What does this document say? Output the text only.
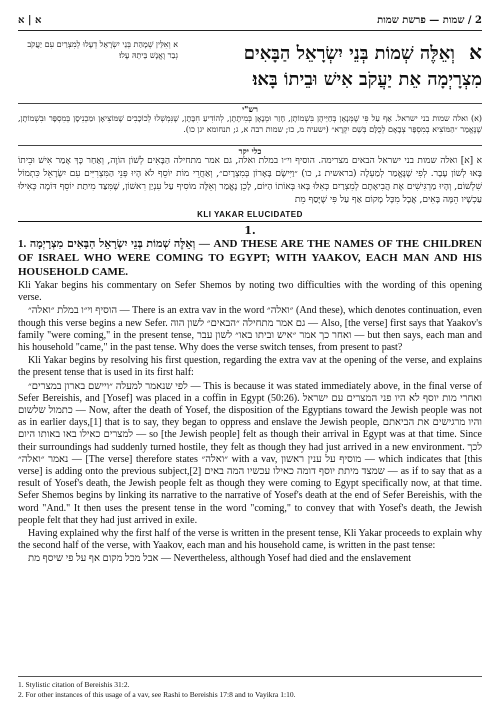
א | א	2 / שמות — פרשת שמות
א וְאִלֵּין שְׁמָהַת בְּנֵי יִשְׂרָאֵל דְעָלוּ לְמִצְרַיִם עִם יַעֲקֹב גְבַר וֶאֱנָשׁ בֵּיתֵהּ עָלוּ׃	א וְאֵלֶּה שְׁמוֹת בְּנֵי יִשְׂרָאֵל הַבָּאִים מִצְרָיְמָה אֵת יַעֲקֹב אִישׁ וּבֵיתוֹ בָּאוּ׃
רש"י
(א) ואלה שמות בני ישראל. אַף עַל פִּי שֶׁמְּנָאָן בְּחַיֵּיהֶן בִּשְׁמוֹתָן, חָזַר וּמְנָאָן בְּמִיתָתָן, לְהוֹדִיעַ חִבָּתָן, שֶׁנִּמְשְׁלוּ לְכוֹכָבִים שֶׁמּוֹצִיאָן וּמַכְנִיסָן בְּמִסְפָּר וּבִשְׁמוֹתָן, שֶׁנֶּאֱמַר ״הַמּוֹצִיא בְמִסְפָּר צְבָאָם לְכֻלָּם בְּשֵׁם יִקְרָא״ (ישעיה מ, כו; שמות רבה א, ג; תנחומא יגן כו).
כלי יקר
א [א] ואלה שמות בני ישראל הבאים מצרימה. הוסיף וי״ו במלת ואלה, גם אמר מתחילה הַבָּאִים לְשׁוֹן הוֹוֶה, וְאַחַר כָּךְ אָמַר אִישׁ וּבֵיתוֹ בָּאוּ לְשׁוֹן עָבָר. לְפִי שֶׁנֶּאֱמַר לְמַעְלָה (בראשית נ, כו) ״וַיִּישֶׂם בָּאָרוֹן בְּמִצְרָיִם״, וְאַחֲרֵי מוֹת יוֹסֵף לֹא הָיוּ פְּנֵי הַמִּצְרִיִּים עִם יִשְׂרָאֵל כִּתְמוֹל שִׁלְשׁוֹם, וְהָיוּ מַרְגִּישִׁים אֶת הֲבִיאָתָם לְמִצְרַיִם כְּאִלּוּ בָּאוּ בְּאוֹתוֹ הַיּוֹם, לָכֵן נֶאֱמַר וְאֵלֶּה מוֹסִיף עַל עִנְיַן רִאשׁוֹן, שֶׁמִּצַּד מִיתַת יוֹסֵף דּוֹמֶה כְּאִילּוּ עַכְשָׁיו הֵמָּה בָּאִים, אֲבָל מִכָּל מָקוֹם אַף עַל פִּי שֶׁיָּסַף מֵת
KLI YAKAR ELUCIDATED
1.

1. וְאֵלֶּה שְׁמוֹת בְּנֵי יִשְׂרָאֵל הַבָּאִים מִצְרָיְמָה — AND THESE ARE THE NAMES OF THE CHILDREN OF ISRAEL WHO WERE COMING TO EGYPT; WITH YAAKOV, EACH MAN AND HIS HOUSEHOLD CAME.

Kli Yakar begins his commentary on Sefer Shemos by noting two difficulties with the wording of this opening verse.

הוסיף וי״ו במלת ״ואלה״ — There is an extra vav in the word ״ואלה״ (And these), which denotes continuation, even though this verse begins a new Sefer. גם אמר מתחילה ״הבאים״ לשון הוה — Also, [the verse] first says that Yaakov's family "were coming," in the present tense, ואחר כך אמר ״איש וביתו באו״ לשון עבר — but then says, each man and his household "came," in the past tense. Why does the verse switch tenses, from present to past?

Kli Yakar begins by resolving his first question, regarding the extra vav at the opening of the verse, and explains the present tense that is used in its first half:

לפי שנאמר למעלה ״ויישם בארון במצרים״ — This is because it was stated immediately above, in the final verse of Sefer Bereishis, and [Yosef] was placed in a coffin in Egypt (50:26). ואחרי מות יוסף לא היו פני המצרים עם ישראל כתמול שלשום — Now, after the death of Yosef, the disposition of the Egyptians toward the Jewish people was not as in earlier days,[1] that is to say, they began to oppress and enslave the Jewish people, והיו מרגישים את הביאתם למצרים כאילו באו באותו היום — so [the Jewish people] felt as though their arrival in Egypt was at that time. Since their surroundings had suddenly turned hostile, they felt as though they had just arrived in a new environment. לכך נאמר ״ואלה״ — [The verse] therefore states ״ואלה״ with a vav, מוסיף על ענין ראשון — which indicates that [this verse] is adding onto the previous subject,[2] שמצד מיתת יוסף דומה כאילו עכשיו המה באים — as if to say that as a result of Yosef's death, the Jewish people felt as though they were coming to Egypt specifically now, at that time. Sefer Shemos begins by linking its narrative to the narrative of Yosef's death at the end of Sefer Bereishis, with the word "And." It then uses the present tense in the word "coming," to convey that with Yosef's death, the Jewish people felt that they had just arrived in exile.

Having explained why the first half of the verse is written in the present tense, Kli Yakar proceeds to explain why the second half of the verse, with Yaakov, each man and his household came, is written in the past tense:

אבל מכל מקום אף על פי שיסף מת — Nevertheless, although Yosef had died and the enslavement

1. Stylistic citation of Bereishis 31:2.
2. For other instances of this usage of a vav, see Rashi to Bereishis 17:8 and to Vayikra 1:10.
